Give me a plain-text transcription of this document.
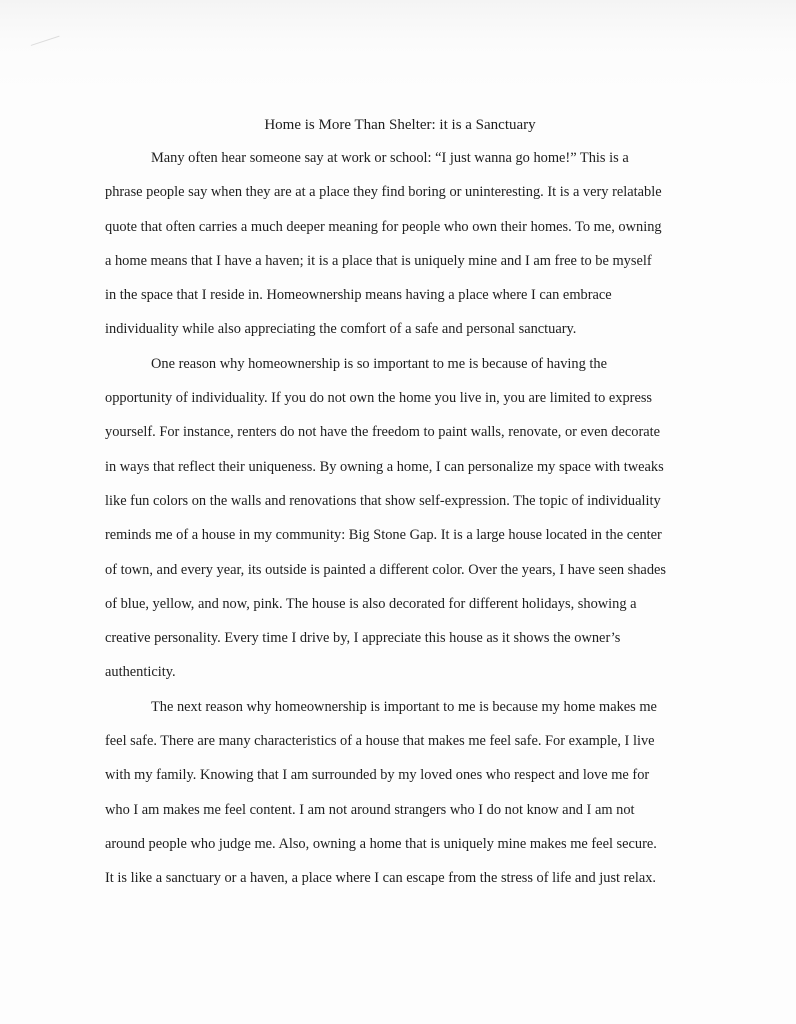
Home is More Than Shelter: it is a Sanctuary

Many often hear someone say at work or school: “I just wanna go home!” This is a
phrase people say when they are at a place they find boring or uninteresting. It is a very relatable
quote that often carries a much deeper meaning for people who own their homes. To me, owning
a home means that I have a haven; it is a place that is uniquely mine and I am free to be myself
in the space that I reside in. Homeownership means having a place where I can embrace
individuality while also appreciating the comfort of a safe and personal sanctuary.

One reason why homeownership is so important to me is because of having the
opportunity of individuality. If you do not own the home you live in, you are limited to express
yourself. For instance, renters do not have the freedom to paint walls, renovate, or even decorate
in ways that reflect their uniqueness. By owning a home, I can personalize my space with tweaks
like fun colors on the walls and renovations that show self-expression. The topic of individuality
reminds me of a house in my community: Big Stone Gap. It is a large house located in the center
of town, and every year, its outside is painted a different color. Over the years, I have seen shades
of blue, yellow, and now, pink. The house is also decorated for different holidays, showing a
creative personality. Every time I drive by, I appreciate this house as it shows the owner’s
authenticity.

The next reason why homeownership is important to me is because my home makes me
feel safe. There are many characteristics of a house that makes me feel safe. For example, I live
with my family. Knowing that I am surrounded by my loved ones who respect and love me for
who I am makes me feel content. I am not around strangers who I do not know and I am not
around people who judge me. Also, owning a home that is uniquely mine makes me feel secure.
It is like a sanctuary or a haven, a place where I can escape from the stress of life and just relax.
